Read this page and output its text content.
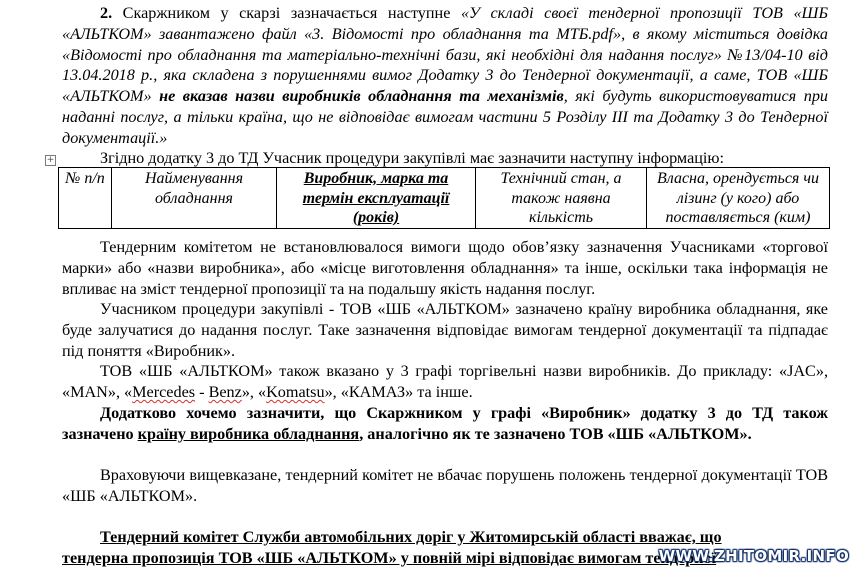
2. Скаржником у скарзі зазначається наступне «У складі своєї тендерної пропозиції ТОВ «ШБ «АЛЬТКОМ» завантажено файл «3. Відомості про обладнання та МТБ.pdf», в якому міститься довідка «Відомості про обладнання та матеріально-технічні бази, які необхідні для надання послуг» №13/04-10 від 13.04.2018 р., яка складена з порушеннями вимог Додатку 3 до Тендерної документації, а саме, ТОВ «ШБ «АЛЬТКОМ» не вказав назви виробників обладнання та механізмів, які будуть використовуватися при наданні послуг, а тільки країна, що не відповідає вимогам частини 5 Розділу ІІІ та Додатку 3 до Тендерної документації.»

Згідно додатку 3 до ТД Учасник процедури закупівлі має зазначити наступну інформацію:

+
№ п/п	Найменування обладнання	Виробник, марка та термін експлуатації (років)	Технічний стан, а також наявна кількість	Власна, орендується чи лізинг (у кого) або поставляється (ким)

Тендерним комітетом не встановлювалося вимоги щодо обов’язку зазначення Учасниками «торгової марки» або «назви виробника», або «місце виготовлення обладнання» та інше, оскільки така інформація не впливає на зміст тендерної пропозиції та на подальшу якість надання послуг.

Учасником процедури закупівлі - ТОВ «ШБ «АЛЬТКОМ» зазначено країну виробника обладнання, яке буде залучатися до надання послуг. Таке зазначення відповідає вимогам тендерної документації та підпадає під поняття «Виробник».

ТОВ «ШБ «АЛЬТКОМ» також вказано у 3 графі торгівельні назви виробників. До прикладу: «JAC», «MAN», «Mercedes - Benz», «Komatsu», «КАМАЗ» та інше.

Додатково хочемо зазначити, що Скаржником у графі «Виробник» додатку 3 до ТД також зазначено країну виробника обладнання, аналогічно як те зазначено ТОВ «ШБ «АЛЬТКОМ».

Враховуючи вищевказане, тендерний комітет не вбачає порушень положень тендерної документації ТОВ «ШБ «АЛЬТКОМ».

Тендерний комітет Служби автомобільних доріг у Житомирській області вважає, що

тендерна пропозиція ТОВ «ШБ «АЛЬТКОМ» у повній мірі відповідає вимогам тендерної

WWW.ZHITOMIR.INFO
